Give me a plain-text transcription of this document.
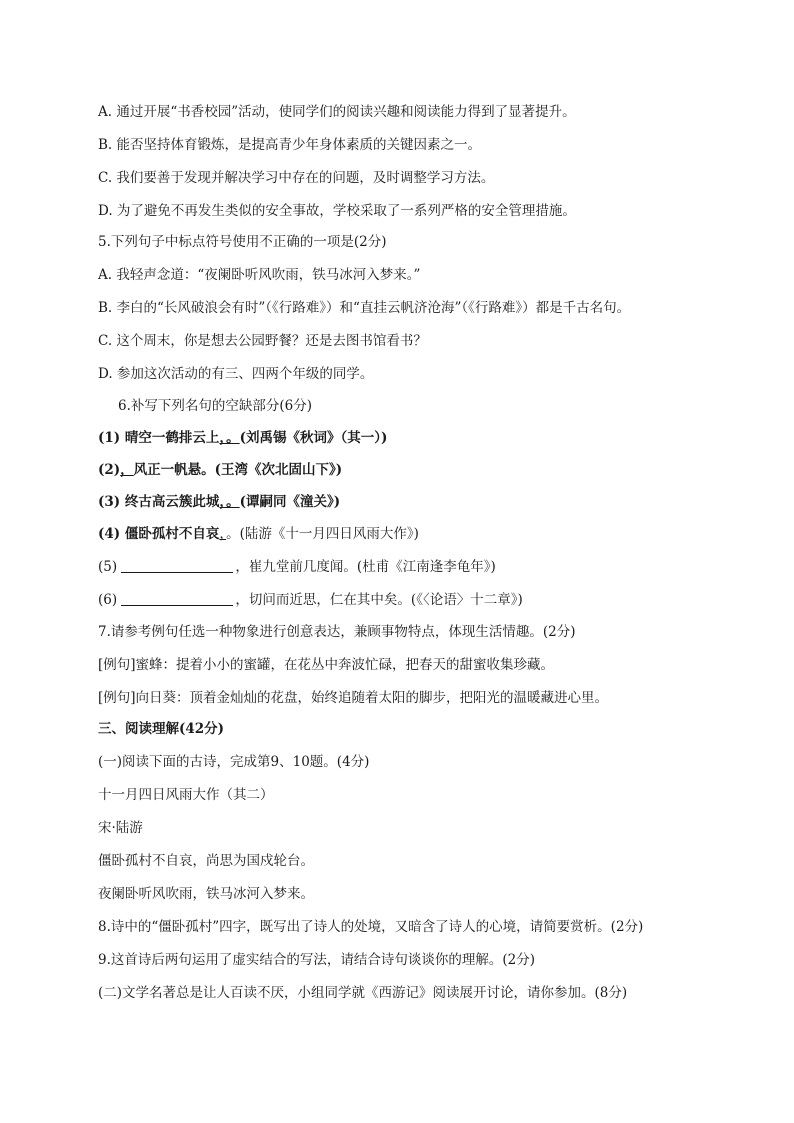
A. 通过开展“书香校园”活动，使同学们的阅读兴趣和阅读能力得到了显著提升。
B. 能否坚持体育锻炼，是提高青少年身体素质的关键因素之一。
C. 我们要善于发现并解决学习中存在的问题，及时调整学习方法。
D. 为了避免不再发生类似的安全事故，学校采取了一系列严格的安全管理措施。
5.下列句子中标点符号使用不正确的一项是(2分)
A. 我轻声念道：“夜阑卧听风吹雨，铁马冰河入梦来。”
B. 李白的“长风破浪会有时”（《行路难》）和“直挂云帆济沧海”（《行路难》）都是千古名句。
C. 这个周末，你是想去公园野餐？还是去图书馆看书？
D. 参加这次活动的有三、四两个年级的同学。
6.补写下列名句的空缺部分(6分)
(1) 晴空一鹤排云上，。(刘禹锡《秋词》（其一）)
(2)，风正一帆悬。(王湾《次北固山下》)
(3) 终古高云簇此城，。(谭嗣同《潼关》)
(4) 僵卧孤村不自哀，。(陆游《十一月四日风雨大作》)
(5)	，崔九堂前几度闻。(杜甫《江南逢李龟年》)
(6)	，切问而近思，仁在其中矣。(《〈论语〉十二章》)
7.请参考例句任选一种物象进行创意表达，兼顾事物特点，体现生活情趣。(2分)
[例句]蜜蜂：提着小小的蜜罐，在花丛中奔波忙碌，把春天的甜蜜收集珍藏。
[例句]向日葵：顶着金灿灿的花盘，始终追随着太阳的脚步，把阳光的温暖藏进心里。
三、阅读理解(42分)
(一)阅读下面的古诗，完成第9、10题。(4分)
十一月四日风雨大作（其二）
宋·陆游
僵卧孤村不自哀，尚思为国戍轮台。
夜阑卧听风吹雨，铁马冰河入梦来。
8.诗中的“僵卧孤村”四字，既写出了诗人的处境，又暗含了诗人的心境，请简要赏析。(2分)
9.这首诗后两句运用了虚实结合的写法，请结合诗句谈谈你的理解。(2分)
(二)文学名著总是让人百读不厌，小组同学就《西游记》阅读展开讨论，请你参加。(8分)
